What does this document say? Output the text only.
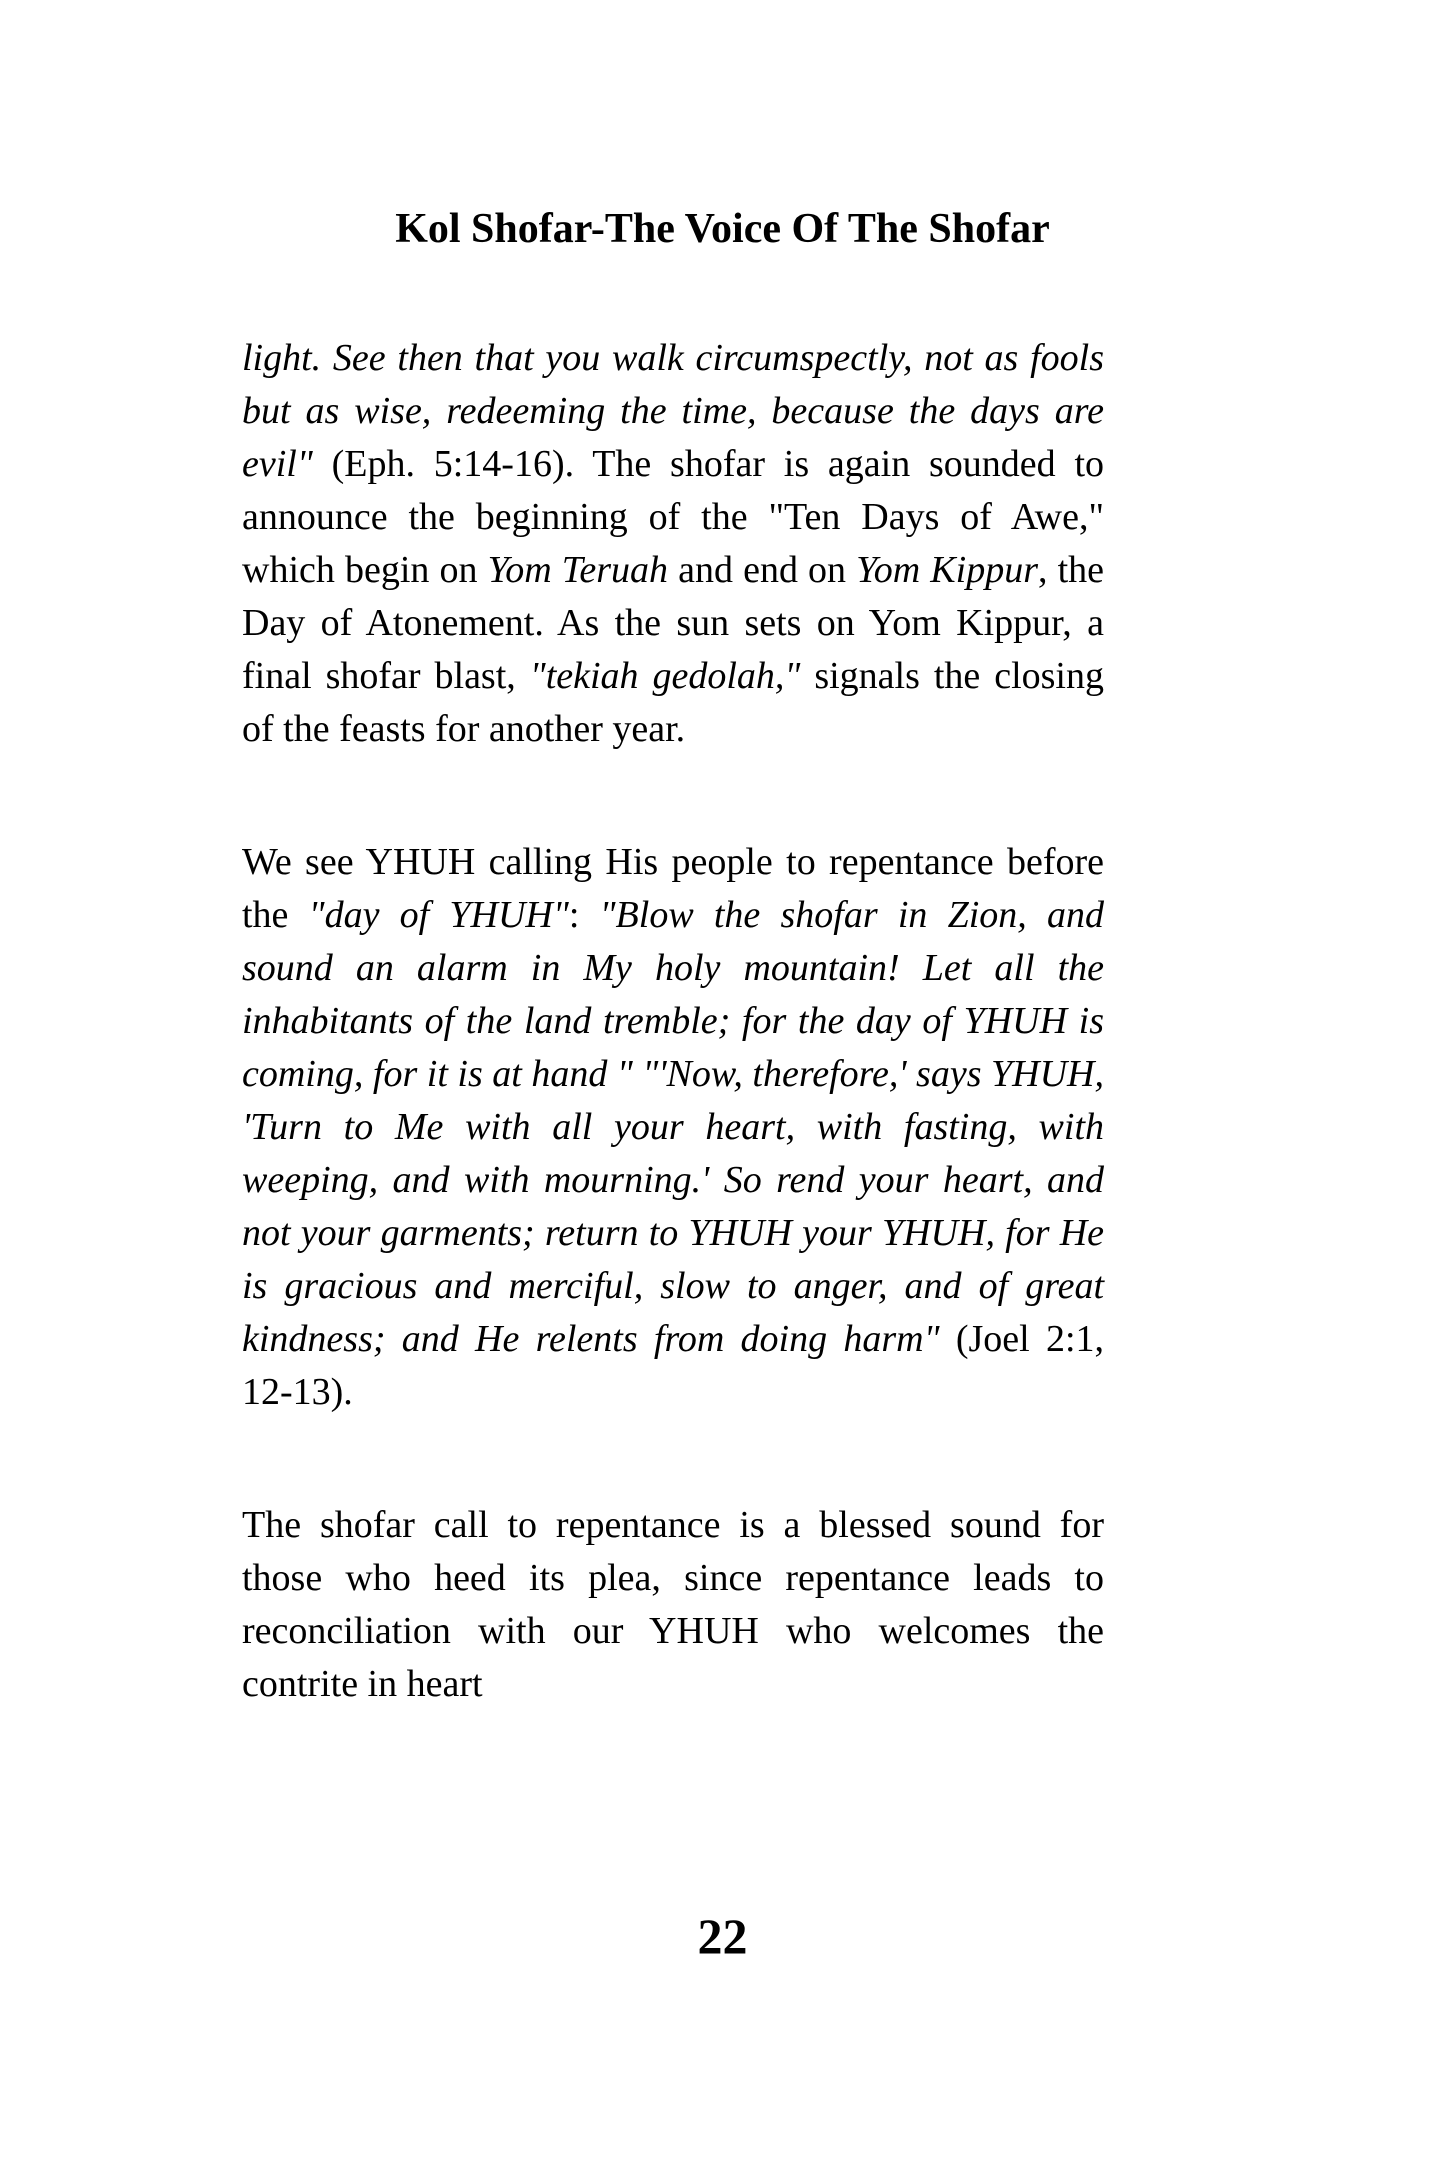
Kol Shofar-The Voice Of The Shofar

light. See then that you walk circumspectly, not as fools but as wise, redeeming the time, because the days are evil" (Eph. 5:14-16). The shofar is again sounded to announce the beginning of the "Ten Days of Awe," which begin on Yom Teruah and end on Yom Kippur, the Day of Atonement. As the sun sets on Yom Kippur, a final shofar blast, "tekiah gedolah," signals the closing of the feasts for another year.

We see YHUH calling His people to repentance before the "day of YHUH": "Blow the shofar in Zion, and sound an alarm in My holy mountain! Let all the inhabitants of the land tremble; for the day of YHUH is coming, for it is at hand " "'Now, therefore,' says YHUH, 'Turn to Me with all your heart, with fasting, with weeping, and with mourning.' So rend your heart, and not your garments; return to YHUH your YHUH, for He is gracious and merciful, slow to anger, and of great kindness; and He relents from doing harm" (Joel 2:1, 12-13).

The shofar call to repentance is a blessed sound for those who heed its plea, since repentance leads to reconciliation with our YHUH who welcomes the contrite in heart

22
